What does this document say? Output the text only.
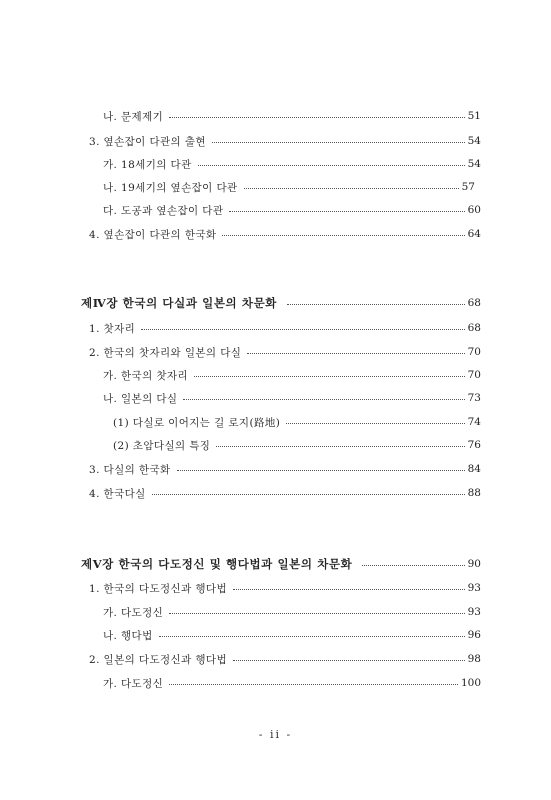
나. 문제제기	51
3. 옆손잡이 다관의 출현	54
가. 18세기의 다관	54
나. 19세기의 옆손잡이 다관	57
다. 도공과 옆손잡이 다관	60
4. 옆손잡이 다관의 한국화	64
제Ⅳ장 한국의 다실과 일본의 차문화	68
1. 찻자리	68
2. 한국의 찻자리와 일본의 다실	70
가. 한국의 찻자리	70
나. 일본의 다실	73
(1) 다실로 이어지는 길 로지(路地)	74
(2) 초암다실의 특징	76
3. 다실의 한국화	84
4. 한국다실	88
제Ⅴ장 한국의 다도정신 및 행다법과 일본의 차문화	90
1. 한국의 다도정신과 행다법	93
가. 다도정신	93
나. 행다법	96
2. 일본의 다도정신과 행다법	98
가. 다도정신	100
- ii -
